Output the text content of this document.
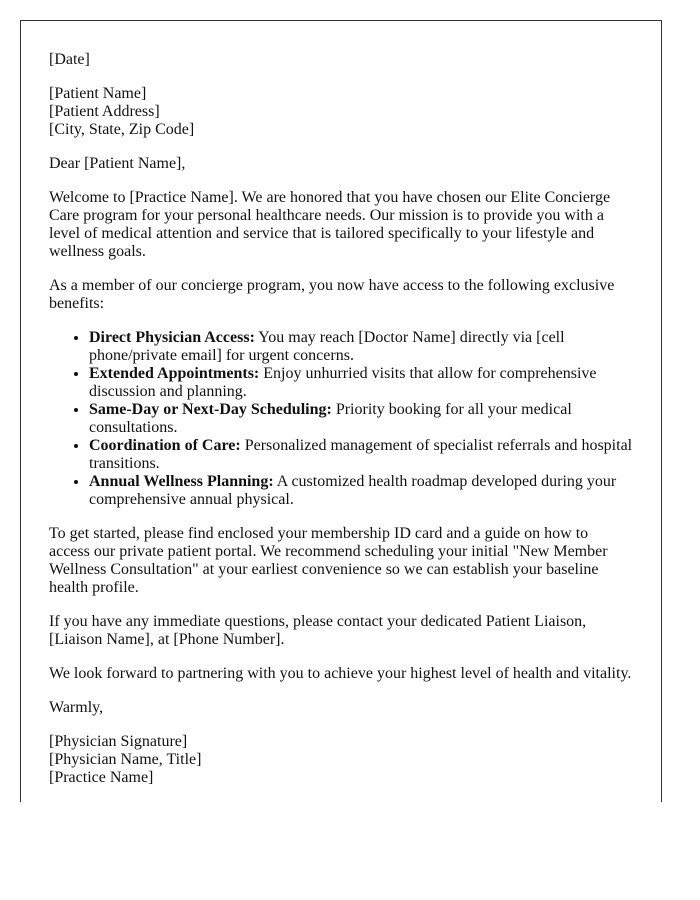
[Date]

[Patient Name]
[Patient Address]
[City, State, Zip Code]

Dear [Patient Name],

Welcome to [Practice Name]. We are honored that you have chosen our Elite Concierge Care program for your personal healthcare needs. Our mission is to provide you with a level of medical attention and service that is tailored specifically to your lifestyle and wellness goals.

As a member of our concierge program, you now have access to the following exclusive benefits:

• Direct Physician Access: You may reach [Doctor Name] directly via [cell phone/private email] for urgent concerns.
• Extended Appointments: Enjoy unhurried visits that allow for comprehensive discussion and planning.
• Same-Day or Next-Day Scheduling: Priority booking for all your medical consultations.
• Coordination of Care: Personalized management of specialist referrals and hospital transitions.
• Annual Wellness Planning: A customized health roadmap developed during your comprehensive annual physical.

To get started, please find enclosed your membership ID card and a guide on how to access our private patient portal. We recommend scheduling your initial "New Member Wellness Consultation" at your earliest convenience so we can establish your baseline health profile.

If you have any immediate questions, please contact your dedicated Patient Liaison, [Liaison Name], at [Phone Number].

We look forward to partnering with you to achieve your highest level of health and vitality.

Warmly,

[Physician Signature]
[Physician Name, Title]
[Practice Name]
